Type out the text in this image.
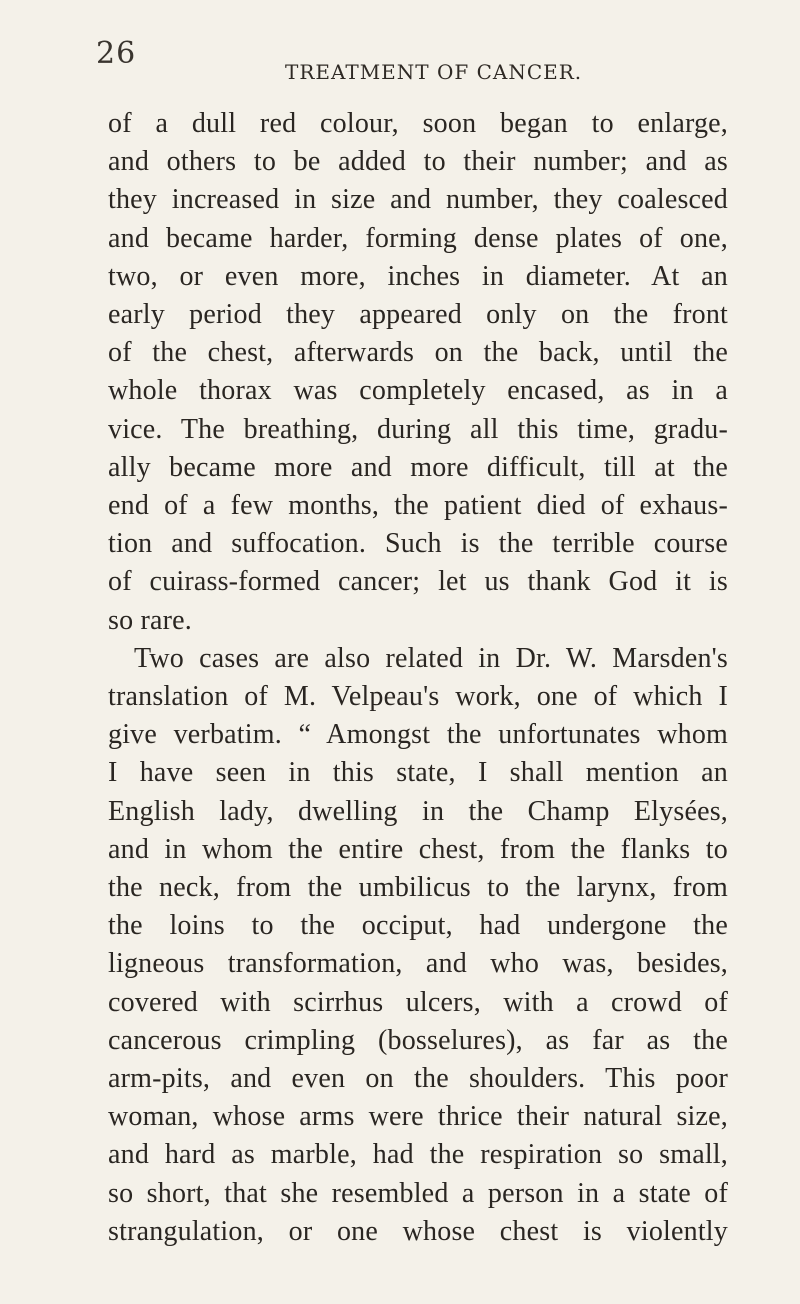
26
TREATMENT OF CANCER.
of a dull red colour, soon began to enlarge,
and others to be added to their number; and as
they increased in size and number, they coalesced
and became harder, forming dense plates of one,
two, or even more, inches in diameter. At an
early period they appeared only on the front
of the chest, afterwards on the back, until the
whole thorax was completely encased, as in a
vice. The breathing, during all this time, gradu-
ally became more and more difficult, till at the
end of a few months, the patient died of exhaus-
tion and suffocation. Such is the terrible course
of cuirass-formed cancer; let us thank God it is
so rare.
Two cases are also related in Dr. W. Marsden's
translation of M. Velpeau's work, one of which I
give verbatim. “ Amongst the unfortunates whom
I have seen in this state, I shall mention an
English lady, dwelling in the Champ Elysées,
and in whom the entire chest, from the flanks to
the neck, from the umbilicus to the larynx, from
the loins to the occiput, had undergone the
ligneous transformation, and who was, besides,
covered with scirrhus ulcers, with a crowd of
cancerous crimpling (bosselures), as far as the
arm-pits, and even on the shoulders. This poor
woman, whose arms were thrice their natural size,
and hard as marble, had the respiration so small,
so short, that she resembled a person in a state of
strangulation, or one whose chest is violently
